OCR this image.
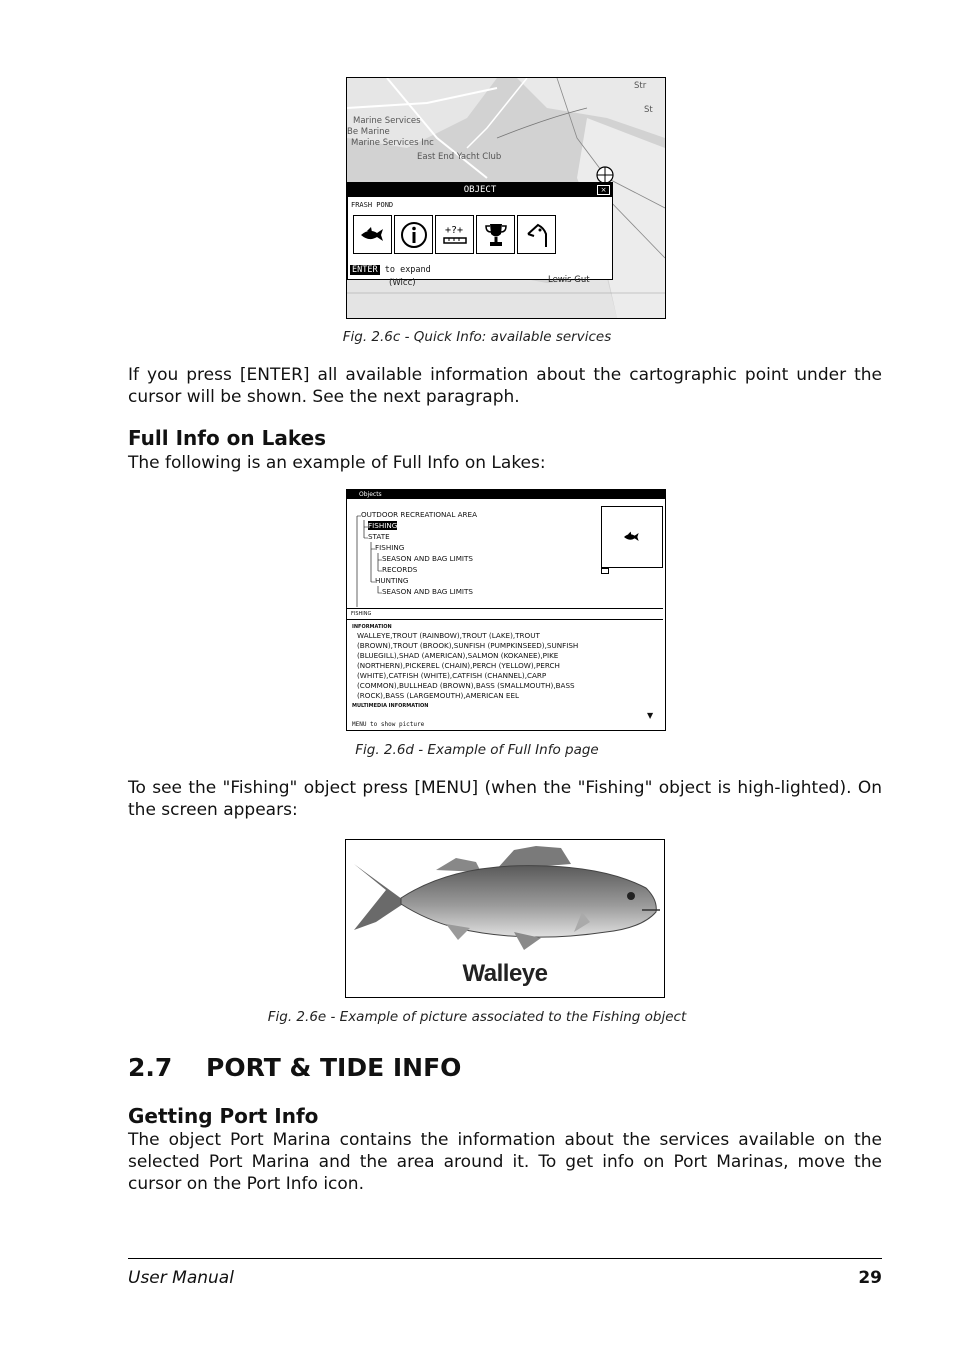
Str
St
Marine Services
Be Marine
Marine Services Inc
East End Yacht Club
OBJECT	×
FRASH POND
+?+
ENTER to expand
Lewis Gut
(Wicc)
Fig. 2.6c - Quick Info: available services
If you press [ENTER] all available information about the cartographic point under the cursor will be shown. See the next paragraph.
Full Info on Lakes
The following is an example of Full Info on Lakes:
Objects
OUTDOOR RECREATIONAL AREA
FISHING
STATE
FISHING
SEASON AND BAG LIMITS
RECORDS
HUNTING
SEASON AND BAG LIMITS
FISHING
INFORMATION
WALLEYE,TROUT (RAINBOW),TROUT (LAKE),TROUT
(BROWN),TROUT (BROOK),SUNFISH (PUMPKINSEED),SUNFISH
(BLUEGILL),SHAD (AMERICAN),SALMON (KOKANEE),PIKE
(NORTHERN),PICKEREL (CHAIN),PERCH (YELLOW),PERCH
(WHITE),CATFISH (WHITE),CATFISH (CHANNEL),CARP
(COMMON),BULLHEAD (BROWN),BASS (SMALLMOUTH),BASS
(ROCK),BASS (LARGEMOUTH),AMERICAN EEL
MULTIMEDIA INFORMATION
▼
MENU to show picture
Fig. 2.6d - Example of Full Info page
To see the "Fishing" object press [MENU] (when the "Fishing" object is high-lighted). On the screen appears:
Walleye
Fig. 2.6e - Example of picture associated to the Fishing object
2.7 PORT & TIDE INFO
Getting Port Info
The object Port Marina contains the information about the services available on the selected Port Marina and the area around it. To get info on Port Marinas, move the cursor on the Port Info icon.
User Manual	29
